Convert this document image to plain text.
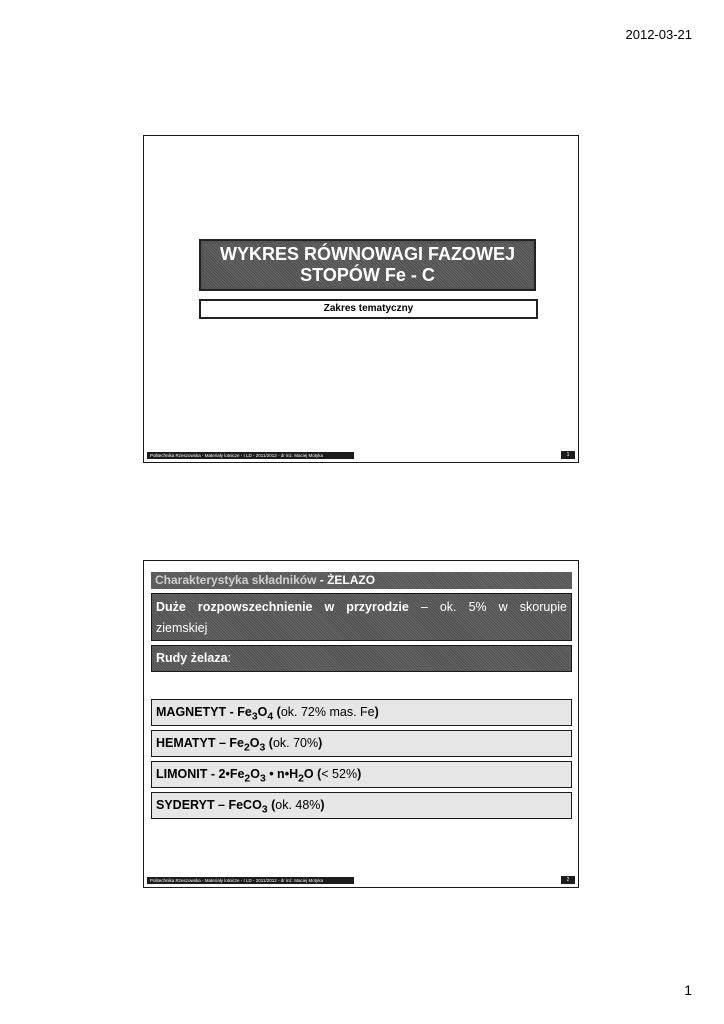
2012-03-21
WYKRES RÓWNOWAGI FAZOWEJ
STOPÓW Fe - C
Zakres tematyczny
Politechnika Rzeszowska - Materiały lotnicze - I LD - 2011/2012 - dr inż. Maciej Motyka	1
Charakterystyka składników - ŻELAZO
Duże rozpowszechnienie w przyrodzie – ok. 5% w skorupie
ziemskiej
Rudy żelaza:
MAGNETYT - $Fe_3O_4$ (ok. 72% mas. Fe)
HEMATYT – $Fe_2O_3$ (ok. 70%)
LIMONIT - $2•Fe_2O_3$ • $n•H_2O$ (< 52%)
SYDERYT – FeCO$_3$ (ok. 48%)
Politechnika Rzeszowska - Materiały lotnicze - I LD - 2011/2012 - dr inż. Maciej Motyka	2
1
